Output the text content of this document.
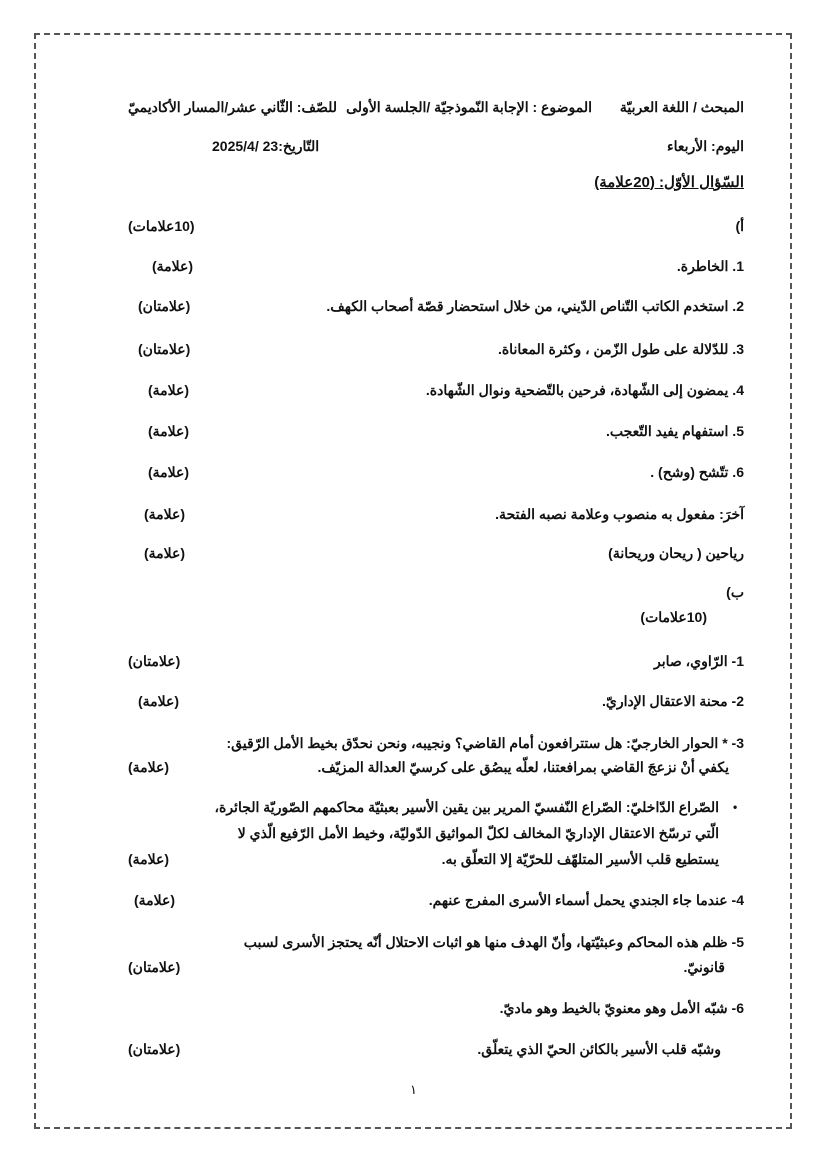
المبحث / اللغة العربيّة
الموضوع : الإجابة النّموذجيّة /الجلسة الأولى
للصّف: الثّاني عشر/المسار الأكاديميّ
اليوم: الأربعاء
التّاريخ:23 /2025/4
السّؤال الأوّل: (20علامة)
أ)
(10علامات)
1. الخاطرة.
(علامة)
2. استخدم الكاتب التّناص الدّيني، من خلال استحضار قصّة أصحاب الكهف.
(علامتان)
3. للدّلالة على طول الزّمن ، وكثرة المعاناة.
(علامتان)
4. يمضون إلى الشّهادة، فرحين بالتّضحية ونوال الشّهادة.
(علامة)
5. استفهام يفيد التّعجب.
(علامة)
6. تتّشح (وشح) .
(علامة)
آخرَ: مفعول به منصوب وعلامة نصبه الفتحة.
(علامة)
رياحين ( ريحان وريحانة)
(علامة)
ب)
(10علامات)
1- الرّاوي، صابر
(علامتان)
2- محنة الاعتقال الإداريّ.
(علامة)
3- * الحوار الخارجيّ: هل ستترافعون أمام القاضي؟ ونجيبه، ونحن نحدّق بخيط الأمل الرّقيق:
يكفي أنْ نزعجَ القاضي بمرافعتنا، لعلّه يبصُق على كرسيّ العدالة المزيّف.
(علامة)
•
الصّراع الدّاخليّ: الصّراع النّفسيّ المرير بين يقين الأسير بعبثيّة محاكمهم الصّوريّة الجائرة،
الّتي ترسّخ الاعتقال الإداريّ المخالف لكلّ المواثيق الدّوليّة، وخيط الأمل الرّفيع الّذي لا
يستطيع قلب الأسير المتلهّف للحرّيّة إلا التعلّق به.
(علامة)
4- عندما جاء الجندي يحمل أسماء الأسرى المفرج عنهم.
(علامة)
5- ظلم هذه المحاكم وعبثيّتها، وأنّ الهدف منها هو اثبات الاحتلال أنّه يحتجز الأسرى لسبب
قانونيّ.
(علامتان)
6- شبّه الأمل وهو معنويّ بالخيط وهو ماديّ.
وشبّه قلب الأسير بالكائن الحيّ الذي يتعلّق.
(علامتان)
١
